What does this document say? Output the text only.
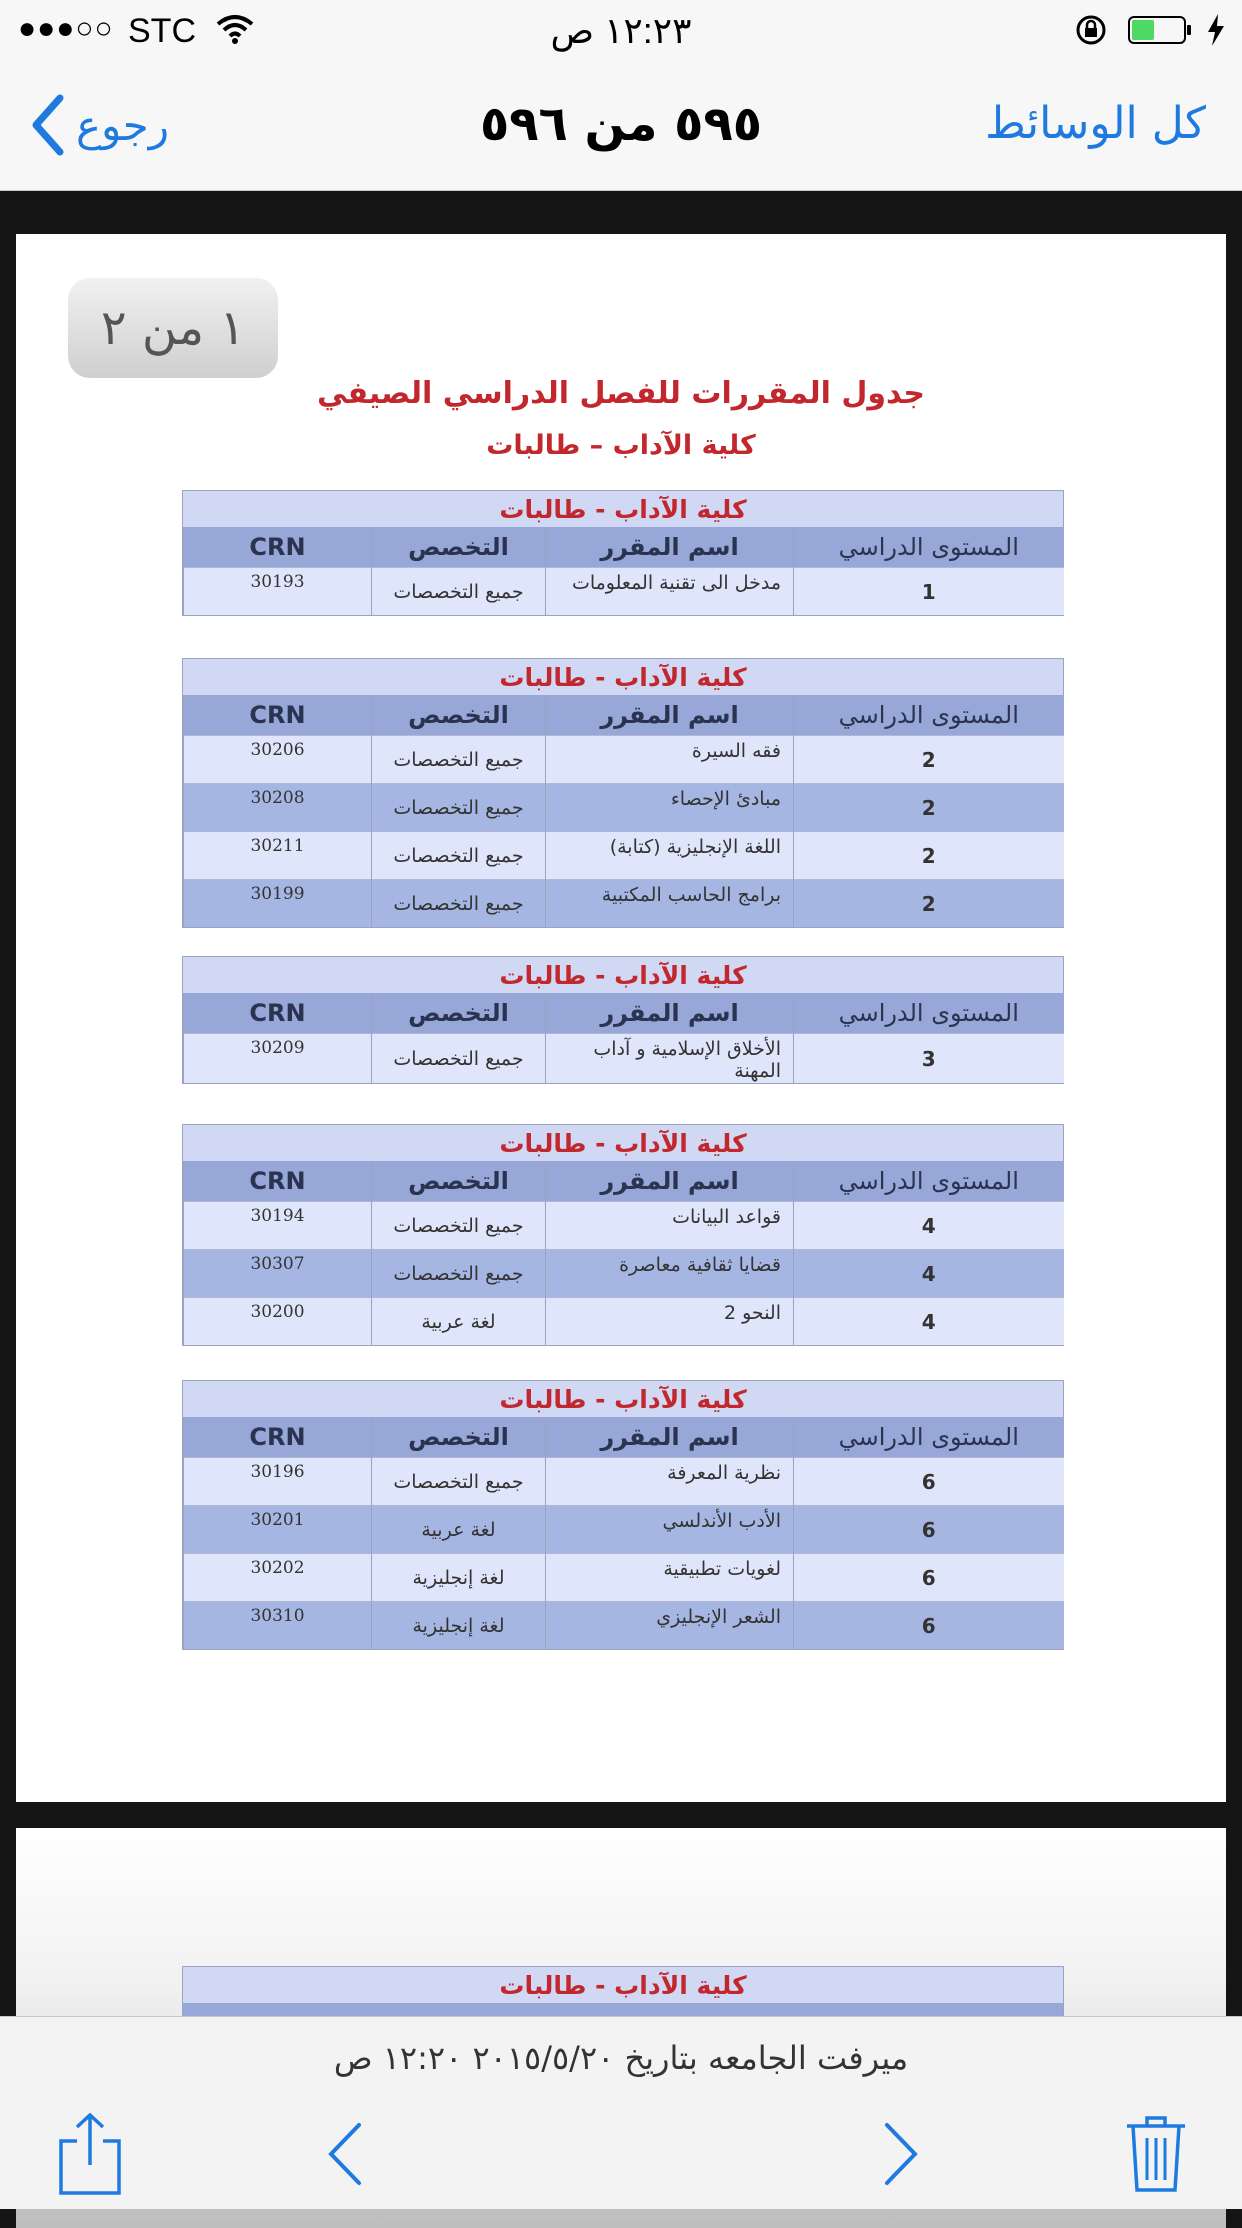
●●●○○ STC	١٢:٢٣ ص
رجوع	٥٩٥ من ٥٩٦	كل الوسائط
١ من ٢
جدول المقررات للفصل الدراسي الصيفي
كلية الآداب – طالبات
كلية الآداب - طالبات
CRN	التخصص	اسم المقرر	المستوى الدراسي
30193	جميع التخصصات	مدخل الى تقنية المعلومات	1
كلية الآداب - طالبات
CRN	التخصص	اسم المقرر	المستوى الدراسي
30206	جميع التخصصات	فقه السيرة	2
30208	جميع التخصصات	مبادئ الإحصاء	2
30211	جميع التخصصات	اللغة الإنجليزية (كتابة)	2
30199	جميع التخصصات	برامج الحاسب المكتبية	2
كلية الآداب - طالبات
CRN	التخصص	اسم المقرر	المستوى الدراسي
30209	جميع التخصصات	الأخلاق الإسلامية و آداب المهنة	3
كلية الآداب - طالبات
CRN	التخصص	اسم المقرر	المستوى الدراسي
30194	جميع التخصصات	قواعد البيانات	4
30307	جميع التخصصات	قضايا ثقافية معاصرة	4
30200	لغة عربية	النحو 2	4
كلية الآداب - طالبات
CRN	التخصص	اسم المقرر	المستوى الدراسي
30196	جميع التخصصات	نظرية المعرفة	6
30201	لغة عربية	الأدب الأندلسي	6
30202	لغة إنجليزية	لغويات تطبيقية	6
30310	لغة إنجليزية	الشعر الإنجليزي	6
كلية الآداب - طالبات
ميرفت الجامعه بتاريخ ٢٠١٥/٥/٢٠ ١٢:٢٠ ص
